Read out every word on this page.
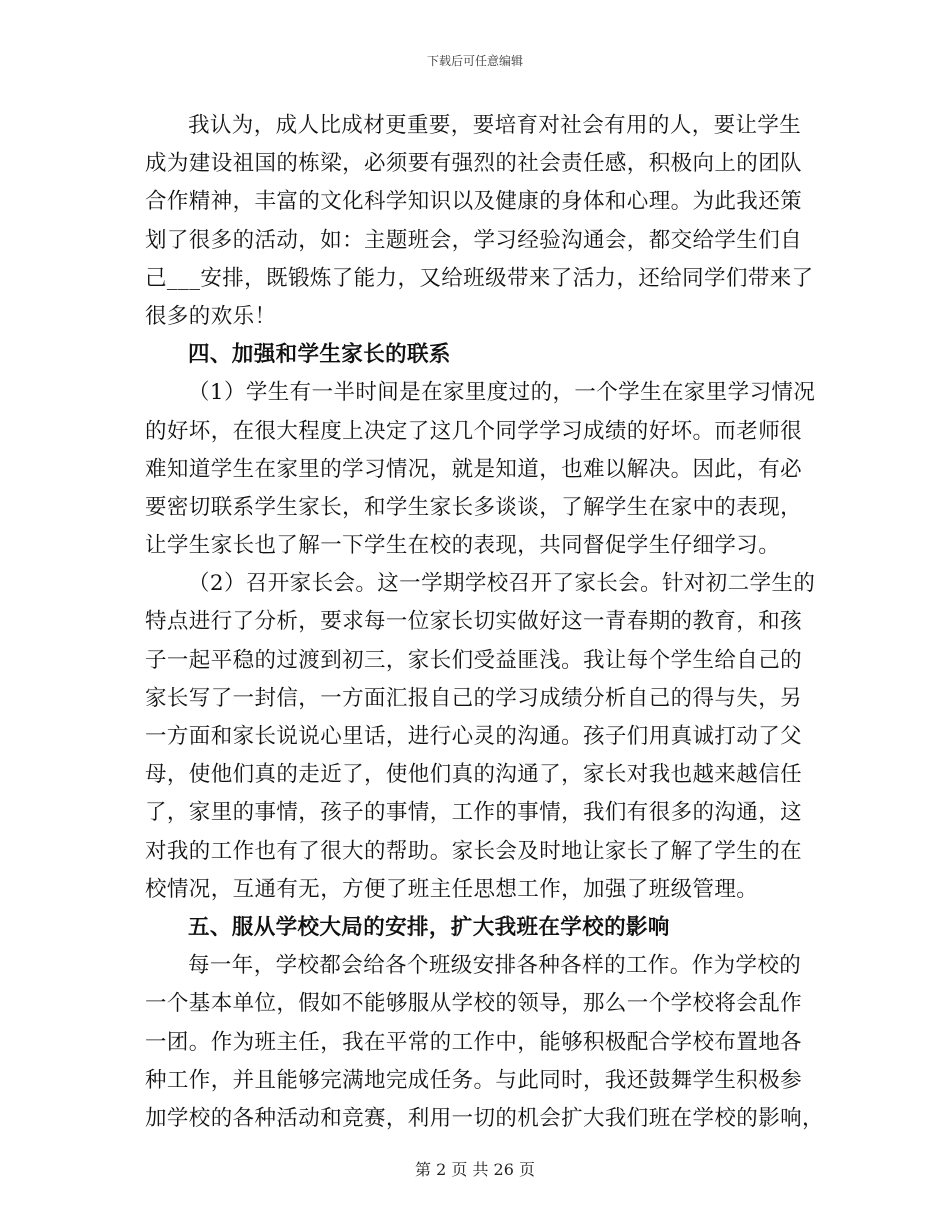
下载后可任意编辑
我认为，成人比成材更重要，要培育对社会有用的人，要让学生
成为建设祖国的栋梁，必须要有强烈的社会责任感，积极向上的团队
合作精神，丰富的文化科学知识以及健康的身体和心理。为此我还策
划了很多的活动，如：主题班会，学习经验沟通会，都交给学生们自
己___安排，既锻炼了能力，又给班级带来了活力，还给同学们带来了
很多的欢乐！
四、加强和学生家长的联系
（1）学生有一半时间是在家里度过的，一个学生在家里学习情况
的好坏，在很大程度上决定了这几个同学学习成绩的好坏。而老师很
难知道学生在家里的学习情况，就是知道，也难以解决。因此，有必
要密切联系学生家长，和学生家长多谈谈，了解学生在家中的表现，
让学生家长也了解一下学生在校的表现，共同督促学生仔细学习。
（2）召开家长会。这一学期学校召开了家长会。针对初二学生的
特点进行了分析，要求每一位家长切实做好这一青春期的教育，和孩
子一起平稳的过渡到初三，家长们受益匪浅。我让每个学生给自己的
家长写了一封信，一方面汇报自己的学习成绩分析自己的得与失，另
一方面和家长说说心里话，进行心灵的沟通。孩子们用真诚打动了父
母，使他们真的走近了，使他们真的沟通了，家长对我也越来越信任
了，家里的事情，孩子的事情，工作的事情，我们有很多的沟通，这
对我的工作也有了很大的帮助。家长会及时地让家长了解了学生的在
校情况，互通有无，方便了班主任思想工作，加强了班级管理。
五、服从学校大局的安排，扩大我班在学校的影响
每一年，学校都会给各个班级安排各种各样的工作。作为学校的
一个基本单位，假如不能够服从学校的领导，那么一个学校将会乱作
一团。作为班主任，我在平常的工作中，能够积极配合学校布置地各
种工作，并且能够完满地完成任务。与此同时，我还鼓舞学生积极参
加学校的各种活动和竞赛，利用一切的机会扩大我们班在学校的影响，
第 2 页 共 26 页
